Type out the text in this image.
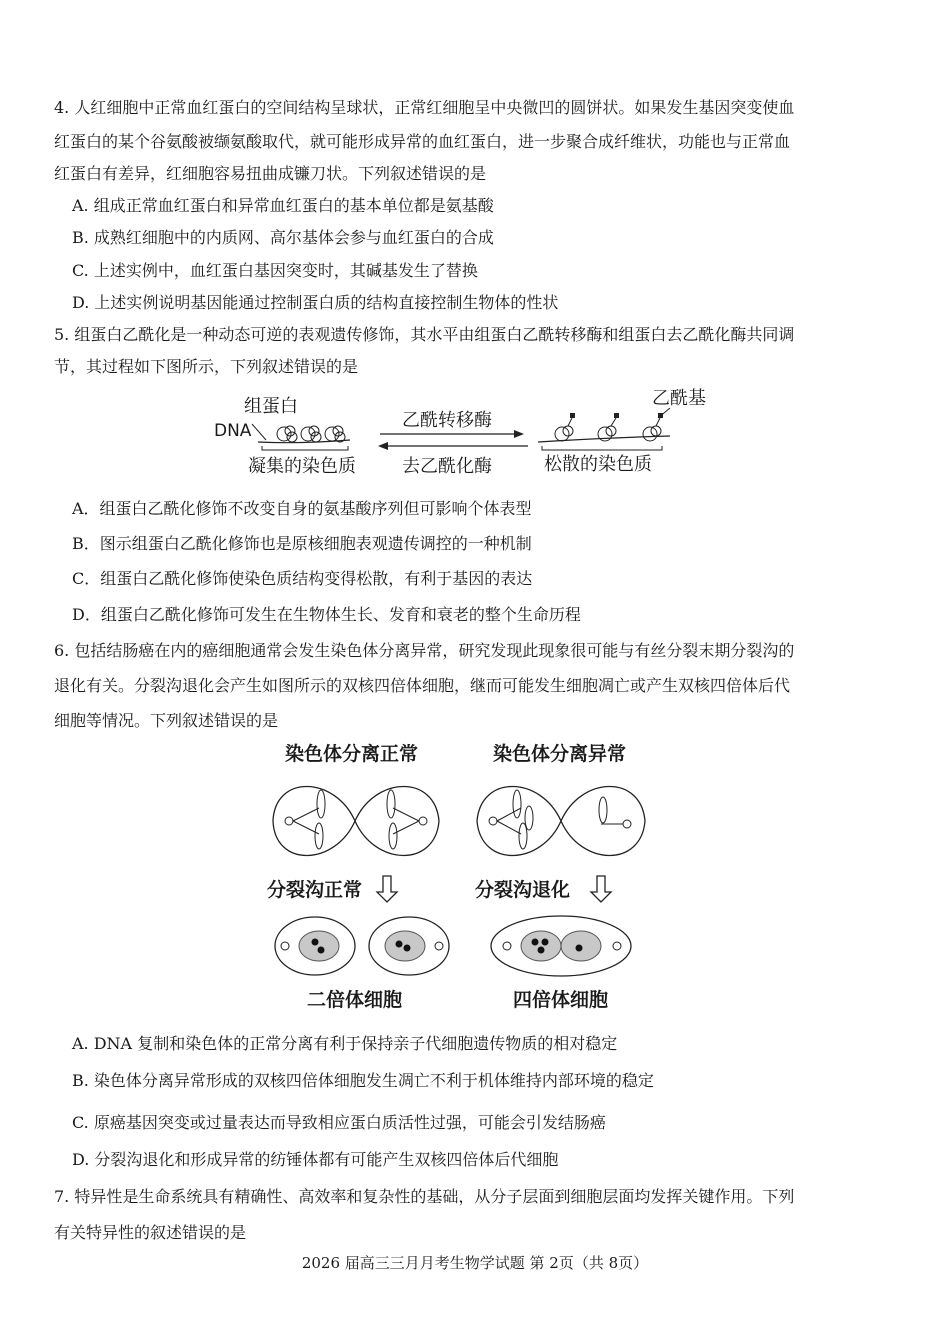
4. 人红细胞中正常血红蛋白的空间结构呈球状，正常红细胞呈中央微凹的圆饼状。如果发生基因突变使血
红蛋白的某个谷氨酸被缬氨酸取代，就可能形成异常的血红蛋白，进一步聚合成纤维状，功能也与正常血
红蛋白有差异，红细胞容易扭曲成镰刀状。下列叙述错误的是
A. 组成正常血红蛋白和异常血红蛋白的基本单位都是氨基酸
B. 成熟红细胞中的内质网、高尔基体会参与血红蛋白的合成
C. 上述实例中，血红蛋白基因突变时，其碱基发生了替换
D. 上述实例说明基因能通过控制蛋白质的结构直接控制生物体的性状
5. 组蛋白乙酰化是一种动态可逆的表观遗传修饰，其水平由组蛋白乙酰转移酶和组蛋白去乙酰化酶共同调
节，其过程如下图所示，下列叙述错误的是
组蛋白
DNA
凝集的染色质
乙酰转移酶
去乙酰化酶
乙酰基
松散的染色质
A．组蛋白乙酰化修饰不改变自身的氨基酸序列但可影响个体表型
B．图示组蛋白乙酰化修饰也是原核细胞表观遗传调控的一种机制
C．组蛋白乙酰化修饰使染色质结构变得松散，有利于基因的表达
D．组蛋白乙酰化修饰可发生在生物体生长、发育和衰老的整个生命历程
6. 包括结肠癌在内的癌细胞通常会发生染色体分离异常，研究发现此现象很可能与有丝分裂末期分裂沟的
退化有关。分裂沟退化会产生如图所示的双核四倍体细胞，继而可能发生细胞凋亡或产生双核四倍体后代
细胞等情况。下列叙述错误的是
染色体分离正常	染色体分离异常
分裂沟正常	分裂沟退化
二倍体细胞	四倍体细胞
A. DNA 复制和染色体的正常分离有利于保持亲子代细胞遗传物质的相对稳定
B. 染色体分离异常形成的双核四倍体细胞发生凋亡不利于机体维持内部环境的稳定
C. 原癌基因突变或过量表达而导致相应蛋白质活性过强，可能会引发结肠癌
D. 分裂沟退化和形成异常的纺锤体都有可能产生双核四倍体后代细胞
7. 特异性是生命系统具有精确性、高效率和复杂性的基础，从分子层面到细胞层面均发挥关键作用。下列
有关特异性的叙述错误的是
2026 届高三三月月考生物学试题 第 2页（共 8页）
